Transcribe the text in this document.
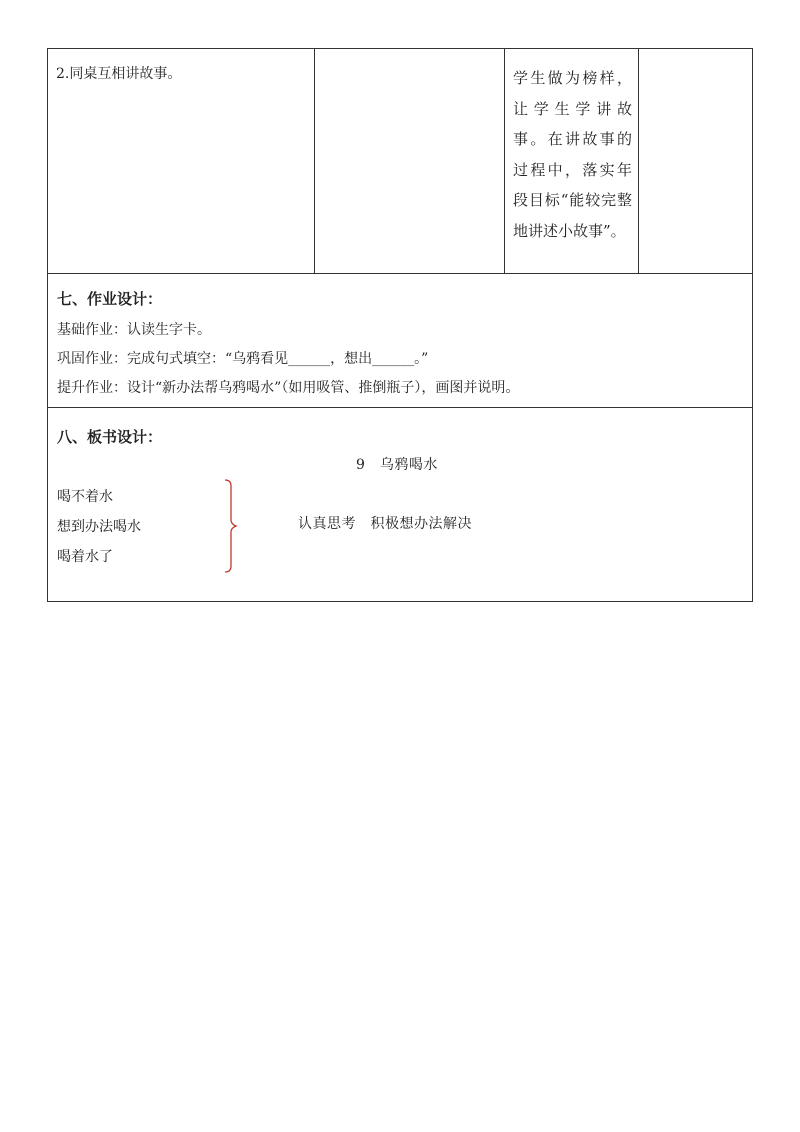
2.同桌互相讲故事。	学生做为榜样，让学生学讲故事。在讲故事的过程中，落实年段目标“能较完整地讲述小故事”。
七、作业设计：
基础作业：认读生字卡。
巩固作业：完成句式填空：“乌鸦看见______，想出______。”
提升作业：设计“新办法帮乌鸦喝水”（如用吸管、推倒瓶子），画图并说明。
八、板书设计：
9　乌鸦喝水
喝不着水
想到办法喝水
喝着水了
认真思考　积极想办法解决
